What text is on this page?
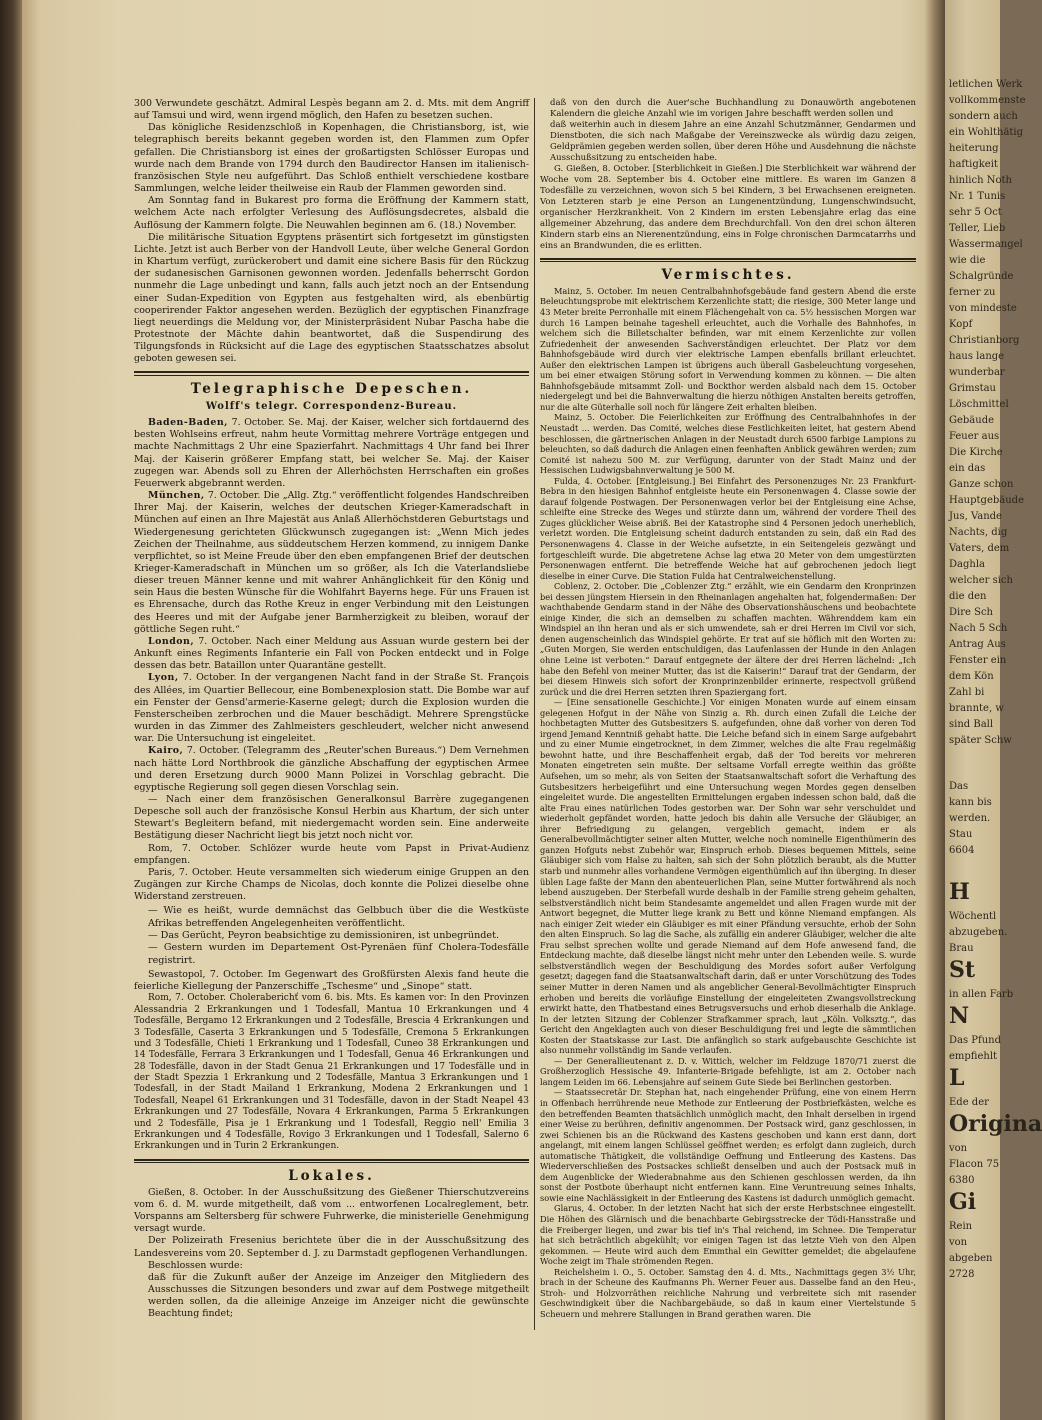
300 Verwundete geschätzt. Admiral Lespès begann am 2. d. Mts. mit dem Angriff auf Tamsui und wird, wenn irgend möglich, den Hafen zu besetzen suchen.

Das königliche Residenzschloß in Kopenhagen, die Christiansborg, ist, wie telegraphisch bereits bekannt gegeben worden ist, den Flammen zum Opfer gefallen. Die Christiansborg ist eines der großartigsten Schlösser Europas und wurde nach dem Brande von 1794 durch den Baudirector Hansen im italienisch-französischen Style neu aufgeführt. Das Schloß enthielt verschiedene kostbare Sammlungen, welche leider theilweise ein Raub der Flammen geworden sind.

Am Sonntag fand in Bukarest pro forma die Eröffnung der Kammern statt, welchem Acte nach erfolgter Verlesung des Auflösungsdecretes, alsbald die Auflösung der Kammern folgte. Die Neuwahlen beginnen am 6. (18.) November.

Die militärische Situation Egyptens präsentirt sich fortgesetzt im günstigsten Lichte. Jetzt ist auch Berber von der Handvoll Leute, über welche General Gordon in Khartum verfügt, zurückerobert und damit eine sichere Basis für den Rückzug der sudanesischen Garnisonen gewonnen worden. Jedenfalls beherrscht Gordon nunmehr die Lage unbedingt und kann, falls auch jetzt noch an der Entsendung einer Sudan-Expedition von Egypten aus festgehalten wird, als ebenbürtig cooperirender Faktor angesehen werden. Bezüglich der egyptischen Finanzfrage liegt neuerdings die Meldung vor, der Ministerpräsident Nubar Pascha habe die Protestnote der Mächte dahin beantwortet, daß die Suspendirung des Tilgungsfonds in Rücksicht auf die Lage des egyptischen Staatsschatzes absolut geboten gewesen sei.

Telegraphische Depeschen.
Wolff's telegr. Correspondenz-Bureau.

Baden-Baden, 7. October. Se. Maj. der Kaiser, welcher sich fortdauernd des besten Wohlseins erfreut, nahm heute Vormittag mehrere Vorträge entgegen und machte Nachmittags 2 Uhr eine Spazierfahrt. Nachmittags 4 Uhr fand bei Ihrer Maj. der Kaiserin größerer Empfang statt, bei welcher Se. Maj. der Kaiser zugegen war. Abends soll zu Ehren der Allerhöchsten Herrschaften ein großes Feuerwerk abgebrannt werden.

München, 7. October. Die „Allg. Ztg.“ veröffentlicht folgendes Handschreiben Ihrer Maj. der Kaiserin, welches der deutschen Krieger-Kameradschaft in München auf einen an Ihre Majestät aus Anlaß Allerhöchstderen Geburtstags und Wiedergenesung gerichteten Glückwunsch zugegangen ist: „Wenn Mich jedes Zeichen der Theilnahme, aus süddeutschem Herzen kommend, zu innigem Danke verpflichtet, so ist Meine Freude über den eben empfangenen Brief der deutschen Krieger-Kameradschaft in München um so größer, als Ich die Vaterlandsliebe dieser treuen Männer kenne und mit wahrer Anhänglichkeit für den König und sein Haus die besten Wünsche für die Wohlfahrt Bayerns hege. Für uns Frauen ist es Ehrensache, durch das Rothe Kreuz in enger Verbindung mit den Leistungen des Heeres und mit der Aufgabe jener Barmherzigkeit zu bleiben, worauf der göttliche Segen ruht.“

London, 7. October. Nach einer Meldung aus Assuan wurde gestern bei der Ankunft eines Regiments Infanterie ein Fall von Pocken entdeckt und in Folge dessen das betr. Bataillon unter Quarantäne gestellt.

Lyon, 7. October. In der vergangenen Nacht fand in der Straße St. François des Allées, im Quartier Bellecour, eine Bombenexplosion statt. Die Bombe war auf ein Fenster der Gensd'armerie-Kaserne gelegt; durch die Explosion wurden die Fensterscheiben zerbrochen und die Mauer beschädigt. Mehrere Sprengstücke wurden in das Zimmer des Zahlmeisters geschleudert, welcher nicht anwesend war. Die Untersuchung ist eingeleitet.

Kairo, 7. October. (Telegramm des „Reuter'schen Bureaus.“) Dem Vernehmen nach hätte Lord Northbrook die gänzliche Abschaffung der egyptischen Armee und deren Ersetzung durch 9000 Mann Polizei in Vorschlag gebracht. Die egyptische Regierung soll gegen diesen Vorschlag sein.

— Nach einer dem französischen Generalkonsul Barrère zugegangenen Depesche soll auch der französische Konsul Herbin aus Khartum, der sich unter Stewart's Begleitern befand, mit niedergemacht worden sein. Eine anderweite Bestätigung dieser Nachricht liegt bis jetzt noch nicht vor.

Rom, 7. October. Schlözer wurde heute vom Papst in Privat-Audienz empfangen.

Paris, 7. October. Heute versammelten sich wiederum einige Gruppen an den Zugängen zur Kirche Champs de Nicolas, doch konnte die Polizei dieselbe ohne Widerstand zerstreuen.

— Wie es heißt, wurde demnächst das Gelbbuch über die die Westküste Afrikas betreffenden Angelegenheiten veröffentlicht.
— Das Gerücht, Peyron beabsichtige zu demissioniren, ist unbegründet.
— Gestern wurden im Departement Ost-Pyrenäen fünf Cholera-Todesfälle registrirt.

Sewastopol, 7. October. Im Gegenwart des Großfürsten Alexis fand heute die feierliche Kiellegung der Panzerschiffe „Tschesme“ und „Sinope“ statt.

Rom, 7. October. Choleraberichť vom 6. bis. Mts. Es kamen vor: In den Provinzen Alessandria 2 Erkrankungen und 1 Todesfall, Mantua 10 Erkrankungen und 4 Todesfälle, Bergamo 12 Erkrankungen und 2 Todesfälle, Brescia 4 Erkrankungen und 3 Todesfälle, Caserta 3 Erkrankungen und 5 Todesfälle, Cremona 5 Erkrankungen und 3 Todesfälle, Chieti 1 Erkrankung und 1 Todesfall, Cuneo 38 Erkrankungen und 14 Todesfälle, Ferrara 3 Erkrankungen und 1 Todesfall, Genua 46 Erkrankungen und 28 Todesfälle, davon in der Stadt Genua 21 Erkrankungen und 17 Todesfälle und in der Stadt Spezzia 1 Erkrankung und 2 Todesfälle, Mantua 3 Erkrankungen und 1 Todesfall, in der Stadt Mailand 1 Erkrankung, Modena 2 Erkrankungen und 1 Todesfall, Neapel 61 Erkrankungen und 31 Todesfälle, davon in der Stadt Neapel 43 Erkrankungen und 27 Todesfälle, Novara 4 Erkrankungen, Parma 5 Erkrankungen und 2 Todesfälle, Pisa je 1 Erkrankung und 1 Todesfall, Reggio nell' Emilia 3 Erkrankungen und 4 Todesfälle, Rovigo 3 Erkrankungen und 1 Todesfall, Salerno 6 Erkrankungen und in Turin 2 Erkrankungen.

Lokales.

Gießen, 8. October. In der Ausschußsitzung des Gießener Thierschutzvereins vom 6. d. M. wurde mitgetheilt, daß vom ... entworfenen Localreglement, betr. Vorspanns am Seltersberg für schwere Fuhrwerke, die ministerielle Genehmigung versagt wurde.

Der Polizeirath Fresenius berichtete über die in der Ausschußsitzung des Landesvereins vom 20. September d. J. zu Darmstadt gepflogenen Verhandlungen.

Beschlossen wurde:

daß für die Zukunft außer der Anzeige im Anzeiger den Mitgliedern des Ausschusses die Sitzungen besonders und zwar auf dem Postwege mitgetheilt werden sollen, da die alleinige Anzeige im Anzeiger nicht die gewünschte Beachtung findet;

daß von den durch die Auer'sche Buchhandlung zu Donauwörth angebotenen Kalendern die gleiche Anzahl wie im vorigen Jahre beschafft werden sollen und

daß weiterhin auch in diesem Jahre an eine Anzahl Schutzmänner, Gendarmen und Dienstboten, die sich nach Maßgabe der Vereinszwecke als würdig dazu zeigen, Geldprämien gegeben werden sollen, über deren Höhe und Ausdehnung die nächste Ausschußsitzung zu entscheiden habe.

G. Gießen, 8. October. [Sterblichkeit in Gießen.] Die Sterblichkeit war während der Woche vom 28. September bis 4. October eine mittlere. Es waren im Ganzen 8 Todesfälle zu verzeichnen, wovon sich 5 bei Kindern, 3 bei Erwachsenen ereigneten. Von Letzteren starb je eine Person an Lungenentzündung, Lungenschwindsucht, organischer Herzkrankheit. Von 2 Kindern im ersten Lebensjahre erlag das eine allgemeiner Abzehrung, das andere dem Brechdurchfall. Von den drei schon älteren Kindern starb eins an Nierenentzündung, eins in Folge chronischen Darmcatarrhs und eins an Brandwunden, die es erlitten.

Vermischtes.

Mainz, 5. October. Im neuen Centralbahnhofsgebäude fand gestern Abend die erste Beleuchtungsprobe mit elektrischem Kerzenlichte statt; die riesige, 300 Meter lange und 43 Meter breite Perronhalle mit einem Flächengehalt von ca. 5½ hessischen Morgen war durch 16 Lampen beinahe tageshell erleuchtet, auch die Vorhalle des Bahnhofes, in welchem sich die Billetschalter befinden, war mit einem Kerzenlichte zur vollen Zufriedenheit der anwesenden Sachverständigen erleuchtet. Der Platz vor dem Bahnhofsgebäude wird durch vier elektrische Lampen ebenfalls brillant erleuchtet. Außer den elektrischen Lampen ist übrigens auch überall Gasbeleuchtung vorgesehen, um bei einer etwaigen Störung sofort in Verwendung kommen zu können. — Die alten Bahnhofsgebäude mitsammt Zoll- und Bockthor werden alsbald nach dem 15. October niedergelegt und bei die Bahnverwaltung die hierzu nöthigen Anstalten bereits getroffen, nur die alte Güterhalle soll noch für längere Zeit erhalten bleiben.

Mainz, 5. October. Die Feierlichkeiten zur Eröffnung des Centralbahnhofes in der Neustadt ... werden. Das Comité, welches diese Festlichkeiten leitet, hat gestern Abend beschlossen, die gärtnerischen Anlagen in der Neustadt durch 6500 farbige Lampions zu beleuchten, so daß dadurch die Anlagen einen feenhaften Anblick gewähren werden; zum Comité ist nahezu 500 M. zur Verfügung, darunter von der Stadt Mainz und der Hessischen Ludwigsbahnverwaltung je 500 M.

Fulda, 4. October. [Entgleisung.] Bei Einfahrt des Personenzuges Nr. 23 Frankfurt-Bebra in den hiesigen Bahnhof entgleiste heute ein Personenwagen 4. Classe sowie der darauf folgende Postwagen. Der Personenwagen verlor bei der Entgleisung eine Achse, schleifte eine Strecke des Weges und stürzte dann um, während der vordere Theil des Zuges glücklicher Weise abriß. Bei der Katastrophe sind 4 Personen jedoch unerheblich, verletzt worden. Die Entgleisung scheint dadurch entstanden zu sein, daß ein Rad des Personenwagens 4. Classe in der Weiche aufsetzte, in ein Seitengeleis gezwängt und fortgeschleift wurde. Die abgetretene Achse lag etwa 20 Meter von dem umgestürzten Personenwagen entfernt. Die betreffende Weiche hat auf gebrochenen jedoch liegt dieselbe in einer Curve. Die Station Fulda hat Centralweichenstellung.

Coblenz, 2. October. Die „Coblenzer Ztg.“ erzählt, wie ein Gendarm den Kronprinzen bei dessen jüngstem Hiersein in den Rheinanlagen angehalten hat, folgendermaßen: Der wachthabende Gendarm stand in der Nähe des Observationshäuschens und beobachtete einige Kinder, die sich an demselben zu schaffen machten. Währenddem kam ein Windspiel an ihn heran und als er sich umwendete, sah er drei Herren im Civil vor sich, denen augenscheinlich das Windspiel gehörte. Er trat auf sie höflich mit den Worten zu: „Guten Morgen, Sie werden entschuldigen, das Laufenlassen der Hunde in den Anlagen ohne Leine ist verboten.“ Darauf entgegnete der ältere der drei Herren lächelnd: „Ich habe den Befehl von meiner Mutter, das ist die Kaiserin!“ Darauf trat der Gendarm, der bei diesem Hinweis sich sofort der Kronprinzenbilder erinnerte, respectvoll grüßend zurück und die drei Herren setzten ihren Spaziergang fort.

— [Eine sensationelle Geschichte.] Vor einigen Monaten wurde auf einem einsam gelegenen Hofgut in der Nähe von Sinzig a. Rh. durch einen Zufall die Leiche der hochbetagten Mutter des Gutsbesitzers S. aufgefunden, ohne daß vorher von deren Tod irgend Jemand Kenntniß gehabt hatte. Die Leiche befand sich in einem Sarge aufgebahrt und zu einer Mumie eingetrocknet, in dem Zimmer, welches die alte Frau regelmäßig bewohnt hatte, und ihre Beschaffenheit ergab, daß der Tod bereits vor mehreren Monaten eingetreten sein mußte. Der seltsame Vorfall erregte weithin das größte Aufsehen, um so mehr, als von Seiten der Staatsanwaltschaft sofort die Verhaftung des Gutsbesitzers herbeigeführt und eine Untersuchung wegen Mordes gegen denselben eingeleitet wurde. Die angestellten Ermittelungen ergaben indessen schon bald, daß die alte Frau eines natürlichen Todes gestorben war. Der Sohn war sehr verschuldet und wiederholt gepfändet worden, hatte jedoch bis dahin alle Versuche der Gläubiger, an ihrer Befriedigung zu gelangen, vergeblich gemacht, indem er als Generalbevollmächtigter seiner alten Mutter, welche noch nominelle Eigenthümerin des ganzen Hofguts nebst Zubehör war, Einspruch erhob. Dieses bequemen Mittels, seine Gläubiger sich vom Halse zu halten, sah sich der Sohn plötzlich beraubt, als die Mutter starb und nunmehr alles vorhandene Vermögen eigenthümlich auf ihn überging. In dieser üblen Lage faßte der Mann den abenteuerlichen Plan, seine Mutter fortwährend als noch lebend auszugeben. Der Sterbefall wurde deshalb in der Familie streng geheim gehalten, selbstverständlich nicht beim Standesamte angemeldet und allen Fragen wurde mit der Antwort begegnet, die Mutter liege krank zu Bett und könne Niemand empfangen. Als nach einiger Zeit wieder ein Gläubiger es mit einer Pfändung versuchte, erhob der Sohn den alten Einspruch. So lag die Sache, als zufällig ein anderer Gläubiger, welcher die alte Frau selbst sprechen wollte und gerade Niemand auf dem Hofe anwesend fand, die Entdeckung machte, daß dieselbe längst nicht mehr unter den Lebenden weile. S. wurde selbstverständlich wegen der Beschuldigung des Mordes sofort außer Verfolgung gesetzt; dagegen fand die Staatsanwaltschaft darin, daß er unter Vorschützung des Todes seiner Mutter in deren Namen und als angeblicher General-Bevollmächtigter Einspruch erhoben und bereits die vorläufige Einstellung der eingeleiteten Zwangsvollstreckung erwirkt hatte, den Thatbestand eines Betrugsversuchs und erhob dieserhalb die Anklage. In der letzten Sitzung der Coblenzer Strafkammer sprach, laut „Köln. Volksztg.“, das Gericht den Angeklagten auch von dieser Beschuldigung frei und legte die sämmtlichen Kosten der Staatskasse zur Last. Die anfänglich so stark aufgebauschte Geschichte ist also nunmehr vollständig im Sande verlaufen.

— Der Generallieutenant z. D. v. Wittich, welcher im Feldzuge 1870/71 zuerst die Großherzoglich Hessische 49. Infanterie-Brigade befehligte, ist am 2. October nach langem Leiden im 66. Lebensjahre auf seinem Gute Siede bei Berlinchen gestorben.

— Staatssecretär Dr. Stephan hat, nach eingehender Prüfung, eine von einem Herrn in Offenbach herrührende neue Methode zur Entleerung der Postbriefkästen, welche es den betreffenden Beamten thatsächlich unmöglich macht, den Inhalt derselben in irgend einer Weise zu berühren, definitiv angenommen. Der Postsack wird, ganz geschlossen, in zwei Schienen bis an die Rückwand des Kastens geschoben und kann erst dann, dort angelangt, mit einem langen Schlüssel geöffnet werden; es erfolgt dann zugleich, durch automatische Thätigkeit, die vollständige Oeffnung und Entleerung des Kastens. Das Wiederverschließen des Postsackes schließt denselben und auch der Postsack muß in dem Augenblicke der Wiederabnahme aus den Schienen geschlossen werden, da ihn sonst der Postbote überhaupt nicht entfernen kann. Eine Veruntreuung seines Inhalts, sowie eine Nachlässigkeit in der Entleerung des Kastens ist dadurch unmöglich gemacht.

Glarus, 4. October. In der letzten Nacht hat sich der erste Herbstschnee eingestellt. Die Höhen des Glärnisch und die benachbarte Gebirgsstrecke der Tödi-Hansstraße und die Freiberger liegen, und zwar bis tief in's Thal reichend, im Schnee. Die Temperatur hat sich beträchtlich abgekühlt; vor einigen Tagen ist das letzte Vieh von den Alpen gekommen. — Heute wird auch dem Emmthal ein Gewitter gemeldet; die abgelaufene Woche zeigt im Thale strömenden Regen.

Reichelsheim i. O., 5. October. Samstag den 4. d. Mts., Nachmittags gegen 3½ Uhr, brach in der Scheune des Kaufmanns Ph. Werner Feuer aus. Dasselbe fand an den Heu-, Stroh- und Holzvorräthen reichliche Nahrung und verbreitete sich mit rasender Geschwindigkeit über die Nachbargebäude, so daß in kaum einer Viertelstunde 5 Scheuern und mehrere Stallungen in Brand gerathen waren. Die

letlichen Werk
vollkommenste
sondern auch
ein Wohlthätig
heiterung
haftigkeit
hinlich Noth
Nr. 1 Tunis
sehr 5 Oct
Teller, Lieb
Wassermangel
wie die
Schalgründe
ferner zu
von mindeste
Kopf
Christianborg
haus lange
wunderbar
Grimstau
Löschmittel
Gebäude
Feuer aus
Die Kirche
ein das
Ganze schon
Hauptgebäude
Jus, Vande
Nachts, dig
Vaters, dem
Daghla
welcher sich
die den
Dire Sch
Nach 5 Sch
Antrag Aus
Fenster ein
dem Kön
Zahl bi
brannte, w
sind Ball
später Schw
Das
kann bis
werden.
Stau
6604
H
Wöchentl
abzugeben.
Brau
St
in allen Farb
N
Das Pfund
empfiehlt
L
Ede der
Origina
von
Flacon 75
6380
Gi
Rein
von
abgeben
2728
